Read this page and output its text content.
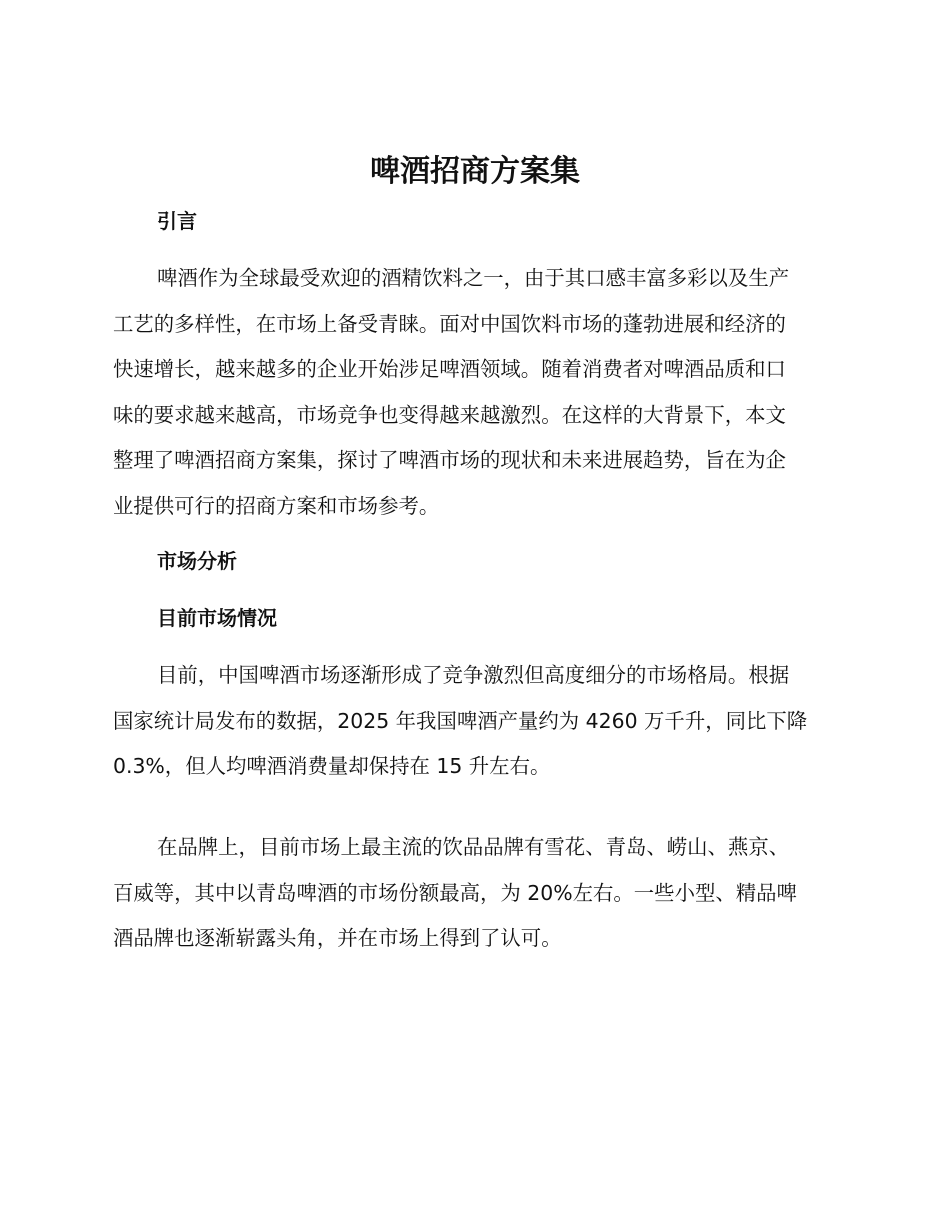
啤酒招商方案集
引言

啤酒作为全球最受欢迎的酒精饮料之一，由于其口感丰富多彩以及生产
工艺的多样性，在市场上备受青睐。面对中国饮料市场的蓬勃进展和经济的
快速增长，越来越多的企业开始涉足啤酒领域。随着消费者对啤酒品质和口
味的要求越来越高，市场竞争也变得越来越激烈。在这样的大背景下，本文
整理了啤酒招商方案集，探讨了啤酒市场的现状和未来进展趋势，旨在为企
业提供可行的招商方案和市场参考。

市场分析
目前市场情况

目前，中国啤酒市场逐渐形成了竞争激烈但高度细分的市场格局。根据
国家统计局发布的数据，2025 年我国啤酒产量约为 4260 万千升，同比下降
0.3%，但人均啤酒消费量却保持在 15 升左右。

在品牌上，目前市场上最主流的饮品品牌有雪花、青岛、崂山、燕京、
百威等，其中以青岛啤酒的市场份额最高，为 20%左右。一些小型、精品啤
酒品牌也逐渐崭露头角，并在市场上得到了认可。
